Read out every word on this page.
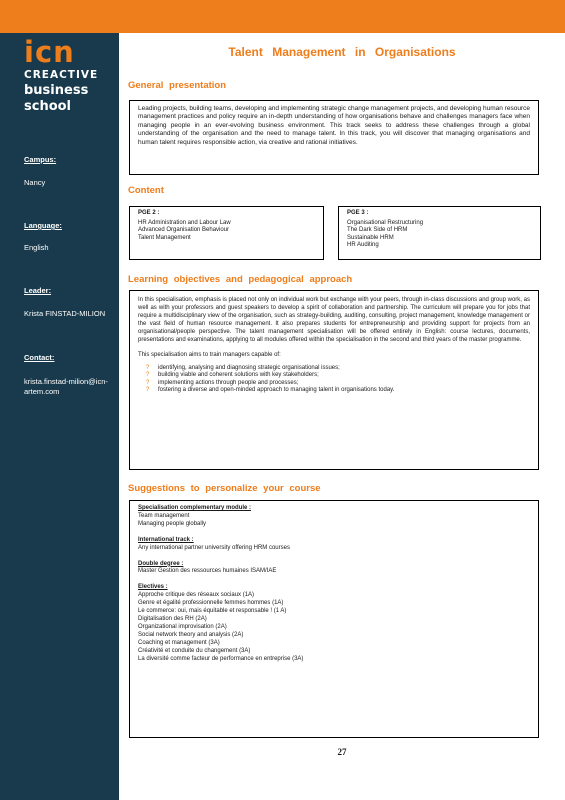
icn
CREACTIVE
business
school
Campus:
Nancy
Language:
English
Leader:
Krista FINSTAD-MILION
Contact:
krista.finstad-milion@icn-artem.com
Talent Management in Organisations
General presentation
Leading projects, building teams, developing and implementing strategic change management projects, and developing human resource management practices and policy require an in-depth understanding of how organisations behave and challenges managers face when managing people in an ever-evolving business environment. This track seeks to address these challenges through a global understanding of the organisation and the need to manage talent. In this track, you will discover that managing organisations and human talent requires responsible action, via creative and rational initiatives.
Content
PGE 2 :
HR Administration and Labour Law
Advanced Organisation Behaviour
Talent Management
PGE 3 :
Organisational Restructuring
The Dark Side of HRM
Sustainable HRM
HR Auditing
Learning objectives and pedagogical approach

In this specialisation, emphasis is placed not only on individual work but exchange with your peers, through in-class discussions and group work, as well as with your professors and guest speakers to develop a spirit of collaboration and partnership. The curriculum will prepare you for jobs that require a multidisciplinary view of the organisation, such as strategy-building, auditing, consulting, project management, knowledge management or the vast field of human resource management. It also prepares students for entrepreneurship and providing support for projects from an organisational/people perspective. The talent management specialisation will be offered entirely in English: course lectures, documents, presentations and examinations, applying to all modules offered within the specialisation in the second and third years of the master programme.

This specialisation aims to train managers capable of:

? identifying, analysing and diagnosing strategic organisational issues;
? building viable and coherent solutions with key stakeholders;
? implementing actions through people and processes;
? fostering a diverse and open-minded approach to managing talent in organisations today.
Suggestions to personalize your course
Specialisation complementary module :
Team management
Managing people globally
International track :
Any international partner university offering HRM courses
Double degree :
Master Gestion des ressources humaines ISAM/IAE
Electives :
Approche critique des réseaux sociaux (1A)
Genre et égalité professionnelle femmes hommes (1A)
Le commerce: oui, mais équitable et responsable ! (1 A)
Digitalisation des RH (2A)
Organizational improvisation (2A)
Social network theory and analysis (2A)
Coaching et management (3A)
Créativité et conduite du changement (3A)
La diversité comme facteur de performance en entreprise (3A)
27
